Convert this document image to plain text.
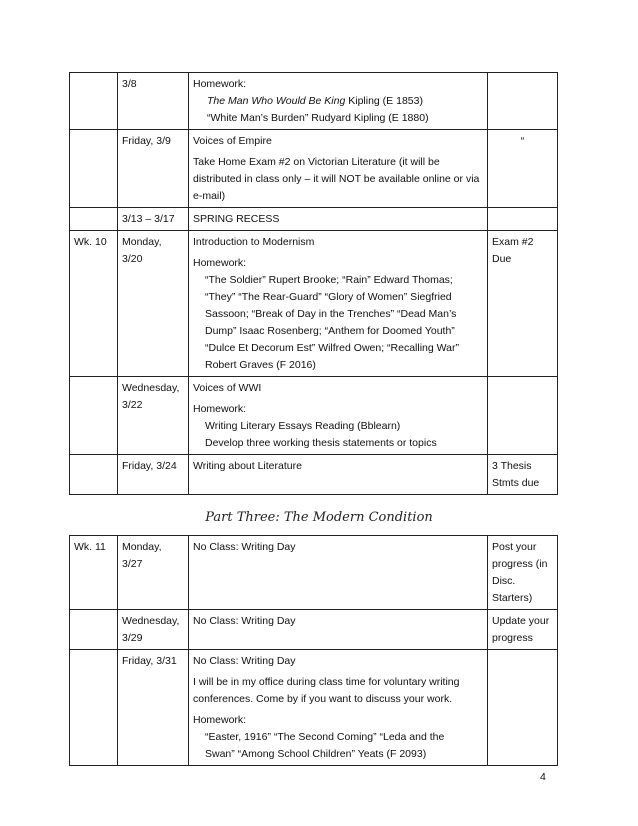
	3/8	Homework:
The Man Who Would Be King Kipling (E 1853)
“White Man’s Burden” Rudyard Kipling (E 1880)	

	Friday, 3/9	Voices of Empire
Take Home Exam #2 on Victorian Literature (it will be distributed in class only – it will NOT be available online or via e-mail)	“
	3/13 – 3/17	SPRING RECESS	
Wk. 10	Monday,
3/20	Introduction to Modernism
Homework:
“The Soldier” Rupert Brooke; “Rain” Edward Thomas; “They” “The Rear-Guard” “Glory of Women” Siegfried Sassoon; “Break of Day in the Trenches” “Dead Man’s Dump” Isaac Rosenberg; “Anthem for Doomed Youth” “Dulce Et Decorum Est” Wilfred Owen; “Recalling War” Robert Graves (F 2016)	Exam #2 Due

	Wednesday,
3/22	Voices of WWI
Homework:
Writing Literary Essays Reading (Bblearn)
Develop three working thesis statements or topics	

	Friday, 3/24	Writing about Literature	3 Thesis Stmts due
Part Three: The Modern Condition
Wk. 11	Monday,
3/27	No Class: Writing Day	Post your progress (in Disc. Starters)

	Wednesday,
3/29	No Class: Writing Day	Update your progress
	Friday, 3/31	No Class: Writing Day
I will be in my office during class time for voluntary writing conferences. Come by if you want to discuss your work.
Homework:
“Easter, 1916” “The Second Coming” “Leda and the Swan” “Among School Children” Yeats (F 2093)	

4
